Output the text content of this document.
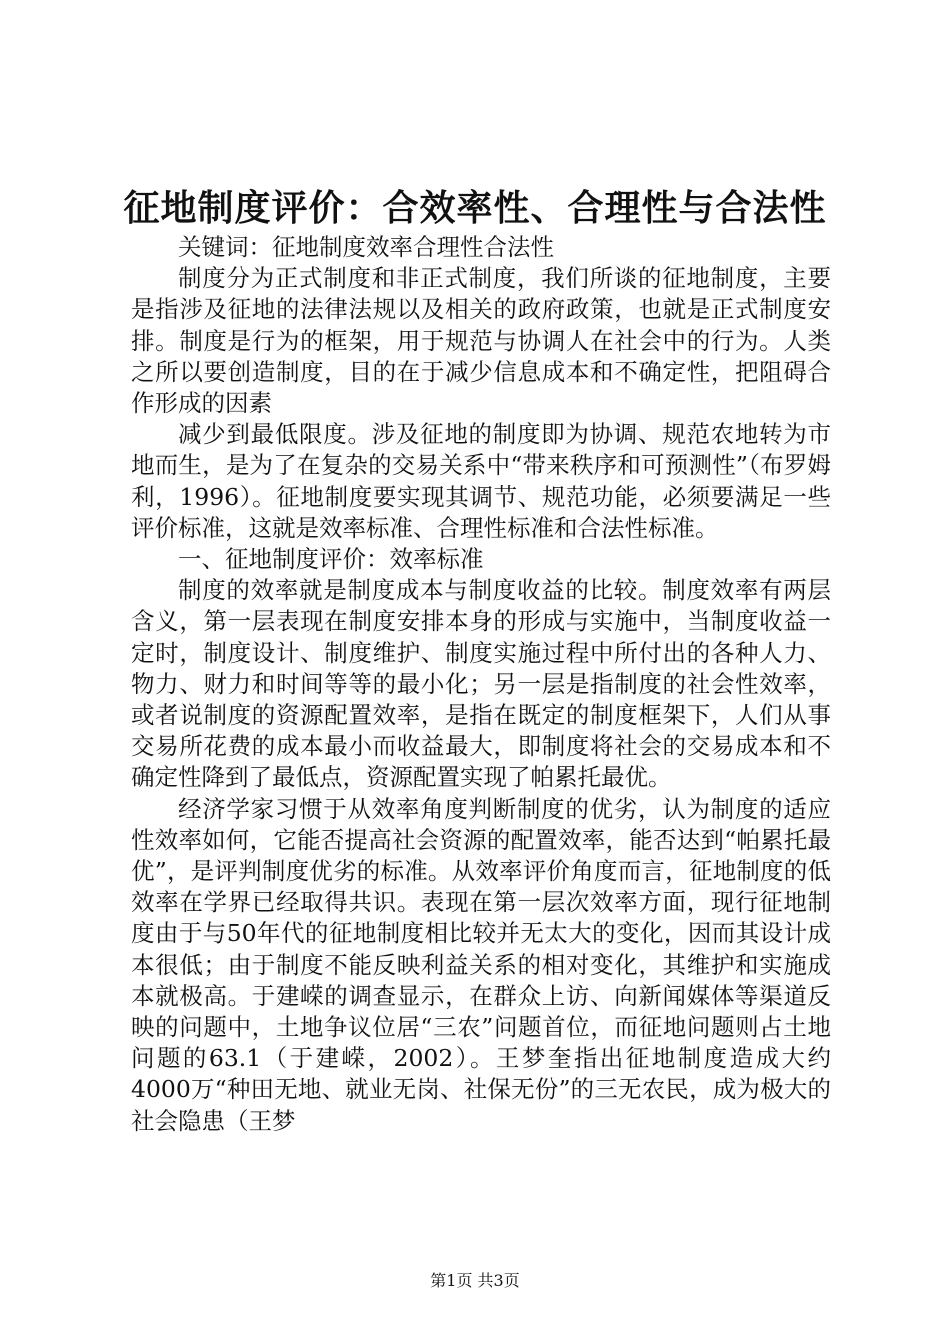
征地制度评价：合效率性、合理性与合法性

关键词：征地制度效率合理性合法性

制度分为正式制度和非正式制度，我们所谈的征地制度，主要是指涉及征地的法律法规以及相关的政府政策，也就是正式制度安排。制度是行为的框架，用于规范与协调人在社会中的行为。人类之所以要创造制度，目的在于减少信息成本和不确定性，把阻碍合作形成的因素

减少到最低限度。涉及征地的制度即为协调、规范农地转为市地而生，是为了在复杂的交易关系中“带来秩序和可预测性”（布罗姆利，1996）。征地制度要实现其调节、规范功能，必须要满足一些评价标准，这就是效率标准、合理性标准和合法性标准。

一、征地制度评价：效率标准

制度的效率就是制度成本与制度收益的比较。制度效率有两层含义，第一层表现在制度安排本身的形成与实施中，当制度收益一定时，制度设计、制度维护、制度实施过程中所付出的各种人力、物力、财力和时间等等的最小化；另一层是指制度的社会性效率，或者说制度的资源配置效率，是指在既定的制度框架下，人们从事交易所花费的成本最小而收益最大，即制度将社会的交易成本和不确定性降到了最低点，资源配置实现了帕累托最优。

经济学家习惯于从效率角度判断制度的优劣，认为制度的适应性效率如何，它能否提高社会资源的配置效率，能否达到“帕累托最优”，是评判制度优劣的标准。从效率评价角度而言，征地制度的低效率在学界已经取得共识。表现在第一层次效率方面，现行征地制度由于与50年代的征地制度相比较并无太大的变化，因而其设计成本很低；由于制度不能反映利益关系的相对变化，其维护和实施成本就极高。于建嵘的调查显示，在群众上访、向新闻媒体等渠道反映的问题中，土地争议位居“三农”问题首位，而征地问题则占土地问题的63.1（于建嵘，2002）。王梦奎指出征地制度造成大约4000万“种田无地、就业无岗、社保无份”的三无农民，成为极大的社会隐患（王梦

第1页 共3页
